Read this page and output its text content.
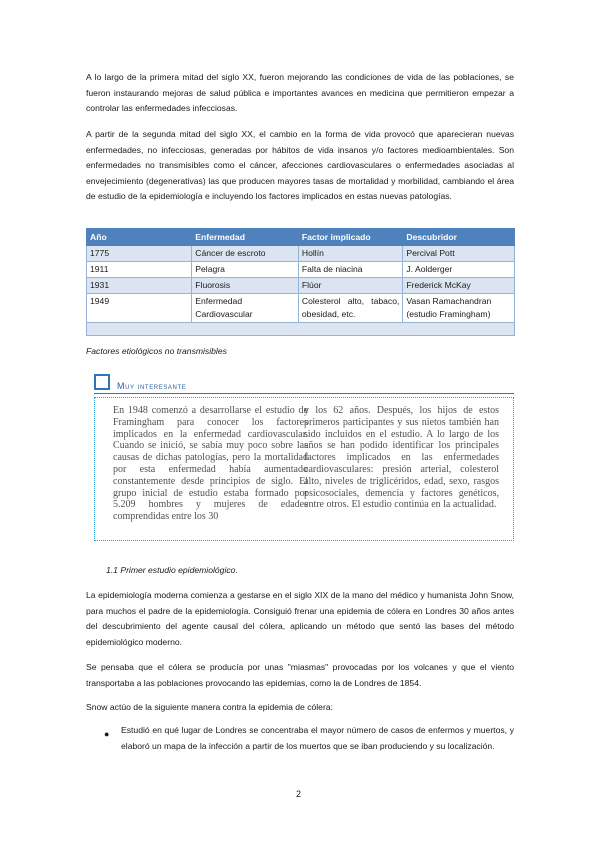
A lo largo de la primera mitad del siglo XX, fueron mejorando las condiciones de vida de las poblaciones, se fueron instaurando mejoras de salud pública e importantes avances en medicina que permitieron empezar a controlar las enfermedades infecciosas.

A partir de la segunda mitad del siglo XX, el cambio en la forma de vida provocó que aparecieran nuevas enfermedades, no infecciosas, generadas por hábitos de vida insanos y/o factores medioambientales. Son enfermedades no transmisibles como el cáncer, afecciones cardiovasculares o enfermedades asociadas al envejecimiento (degenerativas) las que producen mayores tasas de mortalidad y morbilidad, cambiando el área de estudio de la epidemiología e incluyendo los factores implicados en estas nuevas patologías.

Año	Enfermedad	Factor implicado	Descubridor
1775	Cáncer de escroto	Hollín	Percival Pott
1911	Pelagra	Falta de niacina	J. Aolderger
1931	Fluorosis	Flúor	Frederick McKay
1949	Enfermedad Cardiovascular	Colesterol alto, tabaco, obesidad, etc.	Vasan Ramachandran (estudio Framingham)

Factores etiológicos no transmisibles
Muy interesante
En 1948 comenzó a desarrollarse el estudio de Framingham para conocer los factores implicados en la enfermedad cardiovascular. Cuando se inició, se sabía muy poco sobre las causas de dichas patologías, pero la mortalidad por esta enfermedad había aumentado constantemente desde principios de siglo. El grupo inicial de estudio estaba formado por 5.209 hombres y mujeres de edades comprendidas entre los 30
y los 62 años. Después, los hijos de estos primeros participantes y sus nietos también han sido incluidos en el estudio. A lo largo de los años se han podido identificar los principales factores implicados en las enfermedades cardiovasculares: presión arterial, colesterol alto, niveles de triglicéridos, edad, sexo, rasgos psicosociales, demencia y factores genéticos, entre otros. El estudio continúa en la actualidad.
1.1 Primer estudio epidemiológico.

La epidemiología moderna comienza a gestarse en el siglo XIX de la mano del médico y humanista John Snow, para muchos el padre de la epidemiología. Consiguió frenar una epidemia de cólera en Londres 30 años antes del descubrimiento del agente causal del cólera, aplicando un método que sentó las bases del método epidemiológico moderno.

Se pensaba que el cólera se producía por unas "miasmas" provocadas por los volcanes y que el viento transportaba a las poblaciones provocando las epidemias, como la de Londres de 1854.

Snow actúo de la siguiente manera contra la epidemia de cólera:

● Estudió en qué lugar de Londres se concentraba el mayor número de casos de enfermos y muertos, y elaboró un mapa de la infección a partir de los muertos que se iban produciendo y su localización.

2
